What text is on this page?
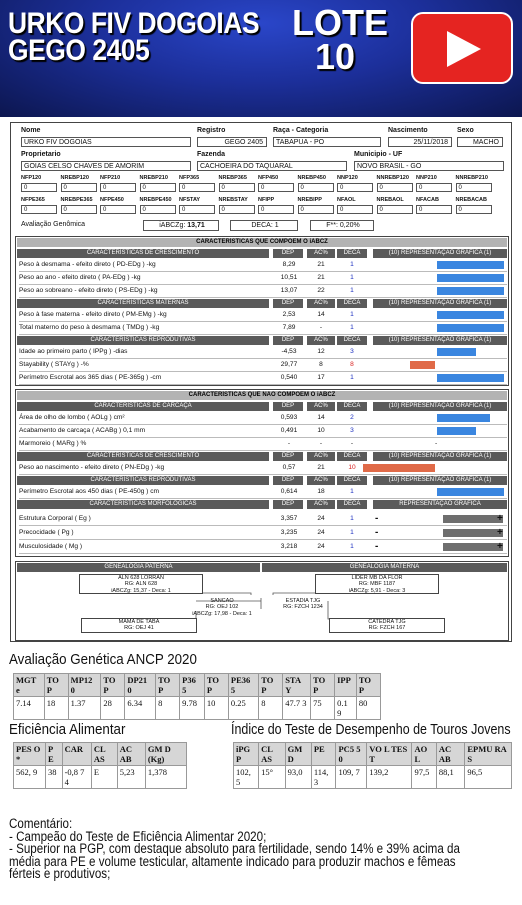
URKO FIV DOGOIAS
GEGO 2405
LOTE
10
Nome	Registro	Raça - Categoria	Nascimento	Sexo
URKO FIV DOGOIAS	GEGO 2405	TABAPUA - PO	25/11/2018	MACHO
Proprietario	Fazenda	Municipio - UF
GOIAS CELSO CHAVES DE AMORIM	CACHOEIRA DO TAQUARAL	NOVO BRASIL - GO
NFP120
0
NREBP120
0
NFP210
0
NREBP210
0
NFP365
0
NREBP365
0
NFP450
0
NREBP450
0
NNP120
0
NNREBP120
0
NNP210
0
NNREBP210
0
NFPE365
0
NREBPE365
0
NFPE450
0
NREBPE450
0
NFSTAY
0
NREBSTAY
0
NFIPP
0
NREBIPP
0
NFAOL
0
NREBAOL
0
NFACAB
0
NREBACAB
0
Avaliação Genômica	iABCZg: 13,71	DECA: 1	F**: 0,20%
CARACTERÍSTICAS QUE COMPÕEM O iABCZ
CARACTERÍSTICAS DE CRESCIMENTO	DEP	AC%	DECA	(10) REPRESENTAÇÃO GRÁFICA (1)
Peso à desmama - efeito direto ( PD-EDg ) -kg	8,29	21	1
Peso ao ano - efeito direto ( PA-EDg ) -kg	10,51	21	1
Peso ao sobreano - efeito direto ( PS-EDg ) -kg	13,07	22	1
CARACTERÍSTICAS MATERNAS	DEP	AC%	DECA	(10) REPRESENTAÇÃO GRÁFICA (1)
Peso à fase materna - efeito direto ( PM-EMg ) -kg	2,53	14	1
Total materno do peso à desmama ( TMDg ) -kg	7,89	-	1
CARACTERÍSTICAS REPRODUTIVAS	DEP	AC%	DECA	(10) REPRESENTAÇÃO GRÁFICA (1)
Idade ao primeiro parto ( IPPg ) -dias	-4,53	12	3
Stayability ( STAYg ) -%	29,77	8	8
Perímetro Escrotal aos 365 dias ( PE-365g ) -cm	0,540	17	1
CARACTERÍSTICAS QUE NÃO COMPÕEM O iABCZ
CARACTERÍSTICAS DE CARCAÇA	DEP	AC%	DECA	(10) REPRESENTAÇÃO GRÁFICA (1)
Área de olho de lombo ( AOLg ) cm²	0,593	14	2
Acabamento de carcaça ( ACABg ) 0,1 mm	0,491	10	3
Marmoreio ( MARg ) %	-	-	-	-
CARACTERÍSTICAS DE CRESCIMENTO	DEP	AC%	DECA	(10) REPRESENTAÇÃO GRÁFICA (1)
Peso ao nascimento - efeito direto ( PN-EDg ) -kg	0,57	21	10
CARACTERÍSTICAS REPRODUTIVAS	DEP	AC%	DECA	(10) REPRESENTAÇÃO GRÁFICA (1)
Perímetro Escrotal aos 450 dias ( PE-450g ) cm	0,614	18	1
CARACTERÍSTICAS MORFOLÓGICAS	DEP	AC%	DECA	REPRESENTAÇÃO GRÁFICA
Estrutura Corporal ( Eg )	3,357	24	1	-	+
Precocidade ( Pg )	3,235	24	1	-	+
Musculosidade ( Mg )	3,218	24	1	-	+
GENEALOGIA PATERNA	GENEALOGIA MATERNA
ALN 628 LORRAN
RG: ALN 628
iABCZg: 15,37 - Deca: 1
LIDER MB DA FLOR
RG: MBF 1187
iABCZg: 5,91 - Deca: 3
SANCAO
RG: OEJ 102
iABCZg: 17,98 - Deca: 1
ESTADIA TJG
RG: FZCH 1234
MAMA DE TABA
RG: OEJ 41
CATEDRA TJG
RG: FZCH 167
Avaliação Genética ANCP 2020
MGT e	TO P	MP12 0	TO P	DP21 0	TO P	P36 5	TO P	PE36 5	TO P	STA Y	TO P	IPP	TO P
7.14	18	1.37	28	6.34	8	9.78	10	0.25	8	47.7 3	75	0.1 9	80
Eficiência Alimentar
PES O *	P E	CAR	CL AS	AC AB	GM D (Kg)
562, 9	38	-0,8 7 4	E	5,23	1,378
Índice do Teste de Desempenho de Touros Jovens
iPG P	CL AS	GM D	PE	PC5 5 0	VO L TES T	AO L	AC AB	EPMU RA S
102, 5	15°	93,0	114, 3	109, 7	139,2	97,5	88,1	96,5
Comentário:
- Campeão do Teste de Eficiência Alimentar 2020;
- Superior na PGP, com destaque absoluto para fertilidade, sendo 14% e 39% acima da
média para PE e volume testicular, altamente indicado para produzir machos e fêmeas
férteis e produtivos;
